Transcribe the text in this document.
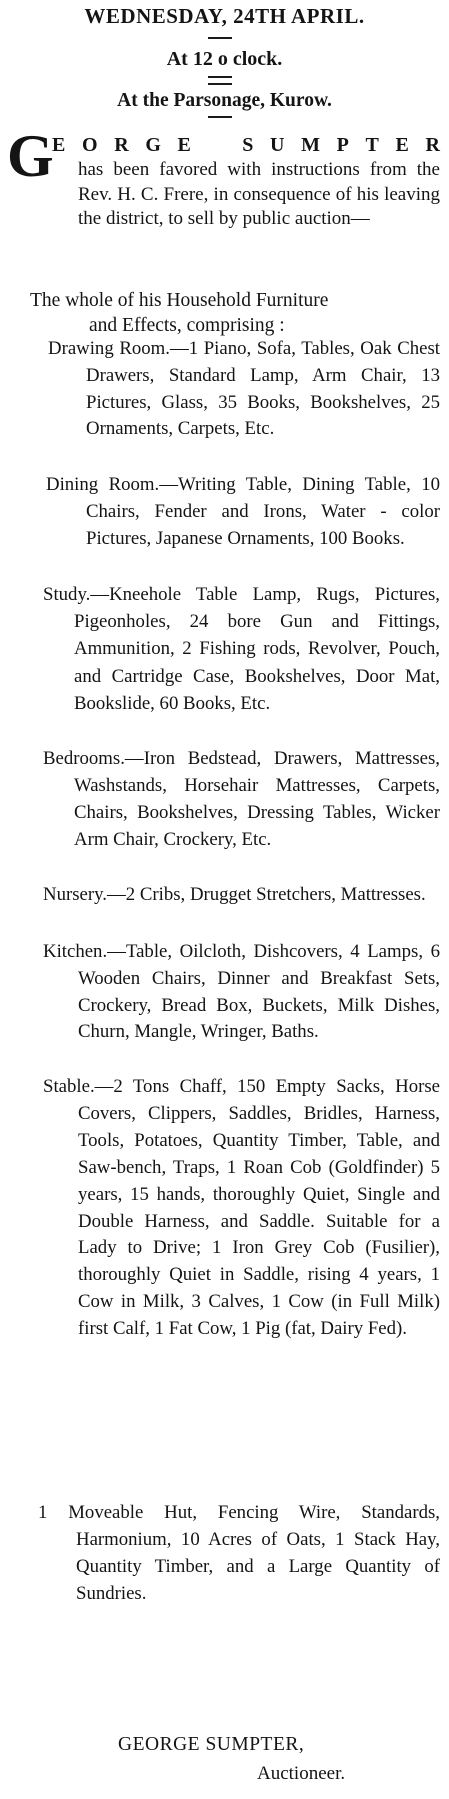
WEDNESDAY, 24TH APRIL.
At 12 o clock.
At the Parsonage, Kurow.
G
E O R G E	S U M P T E R
has been favored with instructions from the Rev. H. C. Frere, in consequence of his leaving the district, to sell by public auction—
The whole of his Household Furniture
and Effects, comprising :
Drawing Room.—1 Piano, Sofa, Tables, Oak Chest Drawers, Standard Lamp, Arm Chair, 13 Pictures, Glass, 35 Books, Bookshelves, 25 Ornaments, Carpets, Etc.
Dining Room.—Writing Table, Dining Table, 10 Chairs, Fender and Irons, Water - color Pictures, Japanese Ornaments, 100 Books.
Study.—Kneehole Table Lamp, Rugs, Pictures, Pigeonholes, 24 bore Gun and Fittings, Ammunition, 2 Fishing rods, Revolver, Pouch, and Cartridge Case, Bookshelves, Door Mat, Bookslide, 60 Books, Etc.
Bedrooms.—Iron Bedstead, Drawers, Mattresses, Washstands, Horsehair Mattresses, Carpets, Chairs, Bookshelves, Dressing Tables, Wicker Arm Chair, Crockery, Etc.
Nursery.—2 Cribs, Drugget Stretchers, Mattresses.
Kitchen.—Table, Oilcloth, Dishcovers, 4 Lamps, 6 Wooden Chairs, Dinner and Breakfast Sets, Crockery, Bread Box, Buckets, Milk Dishes, Churn, Mangle, Wringer, Baths.
Stable.—2 Tons Chaff, 150 Empty Sacks, Horse Covers, Clippers, Saddles, Bridles, Harness, Tools, Potatoes, Quantity Timber, Table, and Saw-bench, Traps, 1 Roan Cob (Goldfinder) 5 years, 15 hands, thoroughly Quiet, Single and Double Harness, and Saddle. Suitable for a Lady to Drive; 1 Iron Grey Cob (Fusilier), thoroughly Quiet in Saddle, rising 4 years, 1 Cow in Milk, 3 Calves, 1 Cow (in Full Milk) first Calf, 1 Fat Cow, 1 Pig (fat, Dairy Fed).
1 Moveable Hut, Fencing Wire, Standards, Harmonium, 10 Acres of Oats, 1 Stack Hay, Quantity Timber, and a Large Quantity of Sundries.
GEORGE SUMPTER,
Auctioneer.
